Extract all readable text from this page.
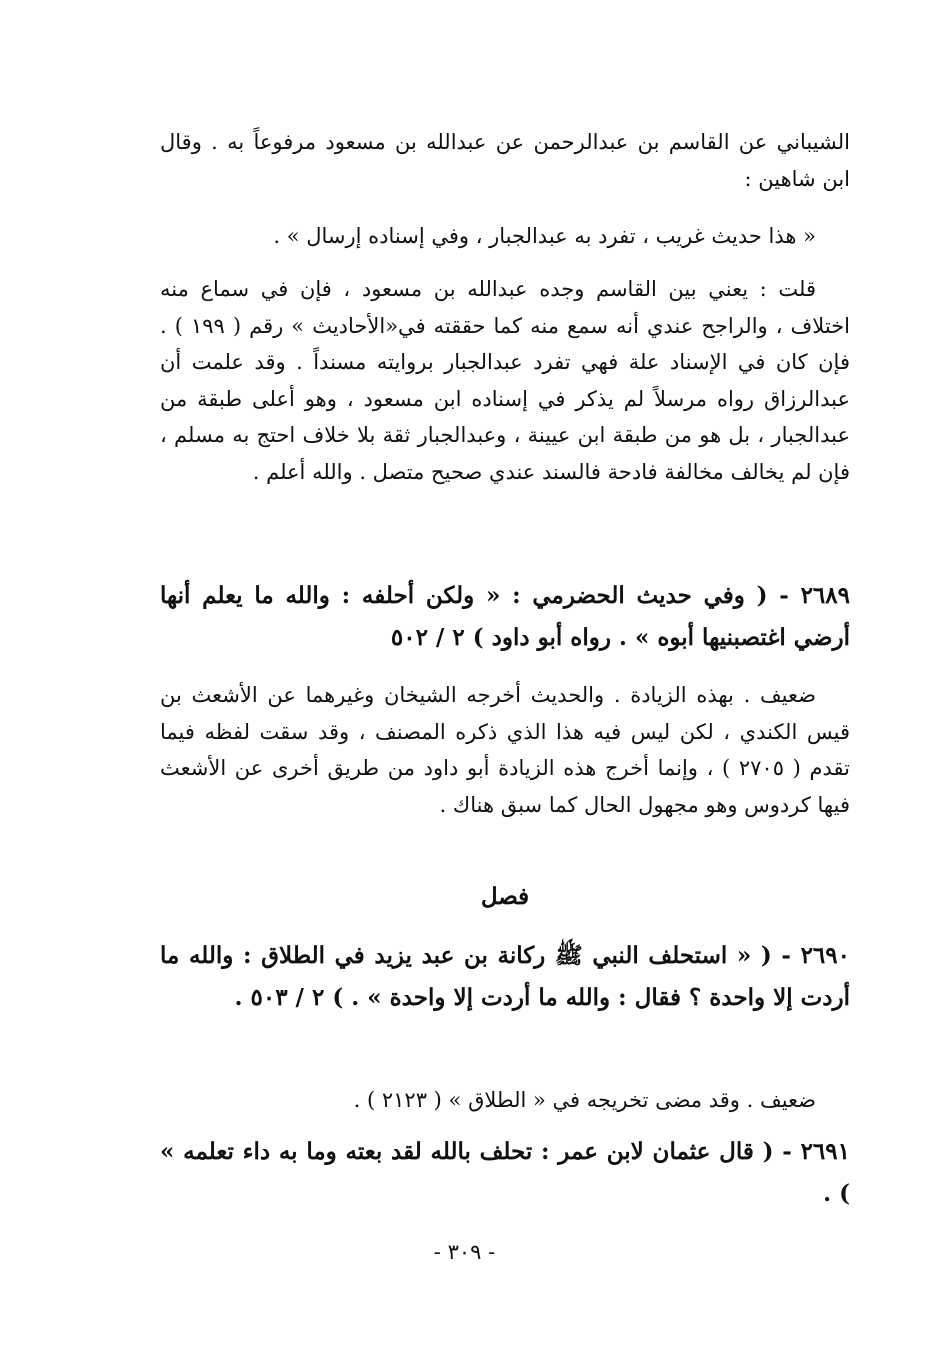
الشيباني عن القاسم بن عبدالرحمن عن عبدالله بن مسعود مرفوعاً به . وقال ابن شاهين :

« هذا حديث غريب ، تفرد به عبدالجبار ، وفي إسناده إرسال » .

قلت : يعني بين القاسم وجده عبدالله بن مسعود ، فإن في سماع منه اختلاف ، والراجح عندي أنه سمع منه كما حققته في«الأحاديث » رقم ( ١٩٩ ) . فإن كان في الإسناد علة فهي تفرد عبدالجبار بروايته مسنداً . وقد علمت أن عبدالرزاق رواه مرسلاً لم يذكر في إسناده ابن مسعود ، وهو أعلى طبقة من عبدالجبار ، بل هو من طبقة ابن عيينة ، وعبدالجبار ثقة بلا خلاف احتج به مسلم ، فإن لم يخالف مخالفة فادحة فالسند عندي صحيح متصل . والله أعلم .

٢٦٨٩ - ( وفي حديث الحضرمي : « ولكن أحلفه : والله ما يعلم أنها أرضي اغتصبنيها أبوه » . رواه أبو داود ) ٢ / ٥٠٢

ضعيف . بهذه الزيادة . والحديث أخرجه الشيخان وغيرهما عن الأشعث بن قيس الكندي ، لكن ليس فيه هذا الذي ذكره المصنف ، وقد سقت لفظه فيما تقدم ( ٢٧٠٥ ) ، وإنما أخرج هذه الزيادة أبو داود من طريق أخرى عن الأشعث فيها كردوس وهو مجهول الحال كما سبق هناك .

فصل

٢٦٩٠ - ( « استحلف النبي ﷺ ركانة بن عبد يزيد في الطلاق : والله ما أردت إلا واحدة ؟ فقال : والله ما أردت إلا واحدة » . ) ٢ / ٥٠٣ .

ضعيف . وقد مضى تخريجه في « الطلاق » ( ٢١٢٣ ) .

٢٦٩١ - ( قال عثمان لابن عمر : تحلف بالله لقد بعته وما به داء تعلمه » ) .

- ٣٠٩ -
